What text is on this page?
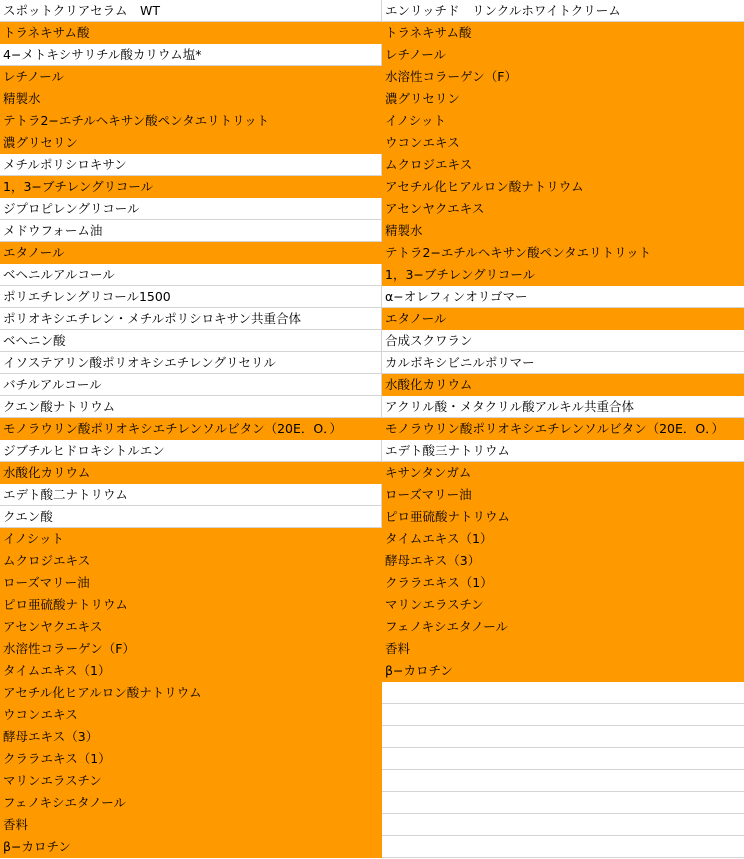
スポットクリアセラム　WT	エンリッチド　リンクルホワイトクリーム
トラネキサム酸	トラネキサム酸
4−メトキシサリチル酸カリウム塩*	レチノール
レチノール	水溶性コラーゲン（F）
精製水	濃グリセリン
テトラ2−エチルヘキサン酸ペンタエリトリット	イノシット
濃グリセリン	ウコンエキス
メチルポリシロキサン	ムクロジエキス
1，3−ブチレングリコール	アセチル化ヒアルロン酸ナトリウム
ジプロピレングリコール	アセンヤクエキス
メドウフォーム油	精製水
エタノール	テトラ2−エチルヘキサン酸ペンタエリトリット
ベヘニルアルコール	1，3−ブチレングリコール
ポリエチレングリコール1500	α−オレフィンオリゴマー
ポリオキシエチレン・メチルポリシロキサン共重合体	エタノール
ベヘニン酸	合成スクワラン
イソステアリン酸ポリオキシエチレングリセリル	カルボキシビニルポリマー
バチルアルコール	水酸化カリウム
クエン酸ナトリウム	アクリル酸・メタクリル酸アルキル共重合体
モノラウリン酸ポリオキシエチレンソルビタン（20E．O．）	モノラウリン酸ポリオキシエチレンソルビタン（20E．O．）
ジブチルヒドロキシトルエン	エデト酸三ナトリウム
水酸化カリウム	キサンタンガム
エデト酸二ナトリウム	ローズマリー油
クエン酸	ピロ亜硫酸ナトリウム
イノシット	タイムエキス（1）
ムクロジエキス	酵母エキス（3）
ローズマリー油	クララエキス（1）
ピロ亜硫酸ナトリウム	マリンエラスチン
アセンヤクエキス	フェノキシエタノール
水溶性コラーゲン（F）	香料
タイムエキス（1）	β−カロチン
アセチル化ヒアルロン酸ナトリウム
ウコンエキス
酵母エキス（3）
クララエキス（1）
マリンエラスチン
フェノキシエタノール
香料
β−カロチン
